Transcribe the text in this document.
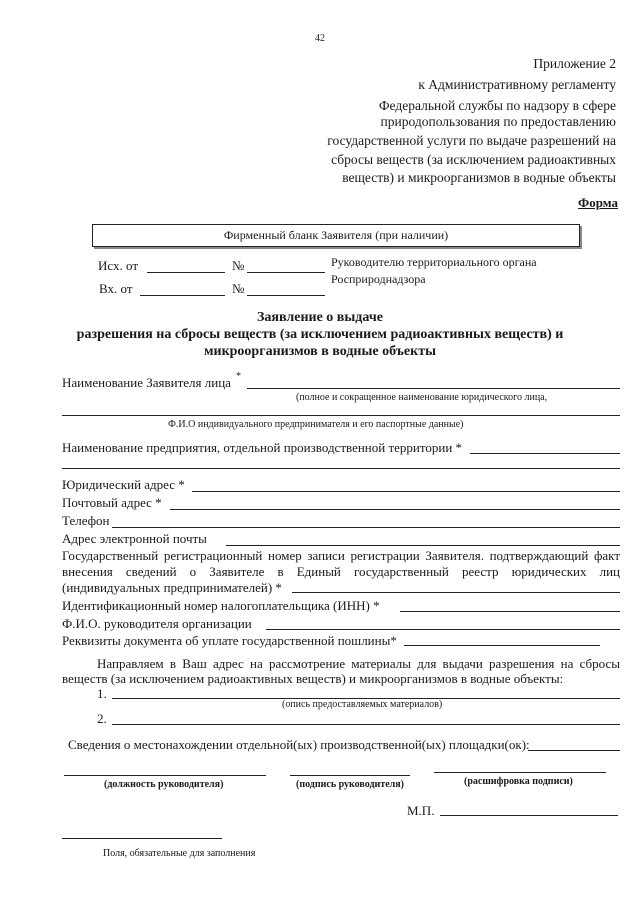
42
Приложение 2
к Административному регламенту
Федеральной службы по надзору в сфере
природопользования по предоставлению
государственной услуги по выдаче разрешений на
сбросы веществ (за исключением радиоактивных
веществ) и микроорганизмов в водные объекты
Форма
Фирменный бланк Заявителя (при наличии)
Исх. от	№	Руководителю территориального органа
Росприроднадзора
Вх. от	№
Заявление о выдаче
разрешения на сбросы веществ (за исключением радиоактивных веществ) и
микроорганизмов в водные объекты
Наименование Заявителя лица *
(полное и сокращенное наименование юридического лица,
Ф.И.О индивидуального предпринимателя и его паспортные данные)
Наименование предприятия, отдельной производственной территории *
Юридический адрес *
Почтовый адрес *
Телефон
Адрес электронной почты
Государственный регистрационный номер записи регистрации Заявителя. подтверждающий факт
внесения сведений о Заявителе в Единый государственный реестр юридических лиц
(индивидуальных предпринимателей) *
Идентификационный номер налогоплательщика (ИНН) *
Ф.И.О. руководителя организации
Реквизиты документа об уплате государственной пошлины*
Направляем в Ваш адрес на рассмотрение материалы для выдачи разрешения на сбросы
веществ (за исключением радиоактивных веществ) и микроорганизмов в водные объекты:
1.
(опись предоставляемых материалов)
2.
Сведения о местонахождении отдельной(ых) производственной(ых) площадки(ок):
(должность руководителя)	(подпись руководителя)	(расшифровка подписи)
М.П.
Поля, обязательные для заполнения
